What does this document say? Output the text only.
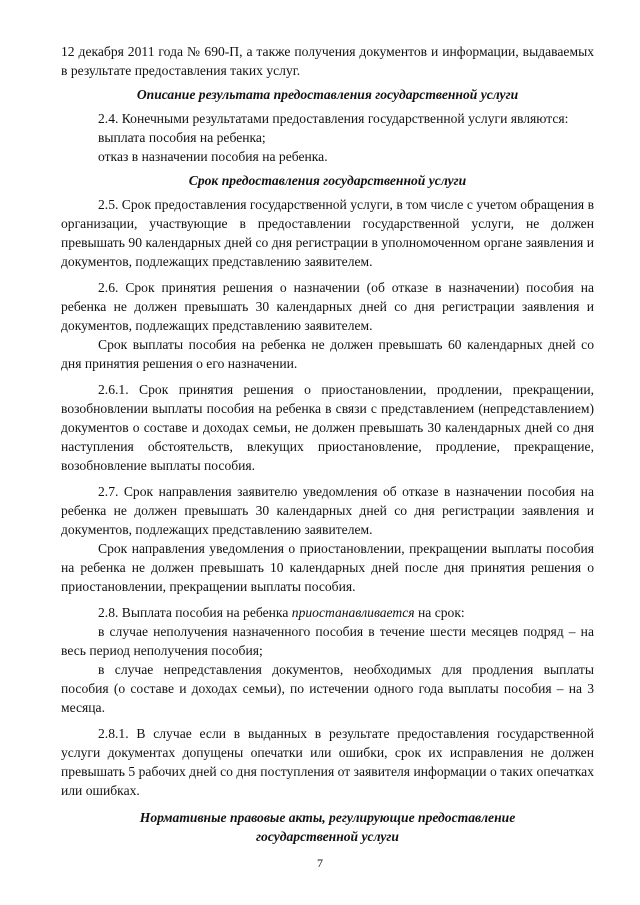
12 декабря 2011 года № 690-П, а также получения документов и информации, выдаваемых в результате предоставления таких услуг.

Описание результата предоставления государственной услуги

2.4. Конечными результатами предоставления государственной услуги являются:

выплата пособия на ребенка;

отказ в назначении пособия на ребенка.

Срок предоставления государственной услуги

2.5. Срок предоставления государственной услуги, в том числе с учетом обращения в организации, участвующие в предоставлении государственной услуги, не должен превышать 90 календарных дней со дня регистрации в уполномоченном органе заявления и документов, подлежащих представлению заявителем.

2.6. Срок принятия решения о назначении (об отказе в назначении) пособия на ребенка не должен превышать 30 календарных дней со дня регистрации заявления и документов, подлежащих представлению заявителем.

Срок выплаты пособия на ребенка не должен превышать 60 календарных дней со дня принятия решения о его назначении.

2.6.1. Срок принятия решения о приостановлении, продлении, прекращении, возобновлении выплаты пособия на ребенка в связи с представлением (непредставлением) документов о составе и доходах семьи, не должен превышать 30 календарных дней со дня наступления обстоятельств, влекущих приостановление, продление, прекращение, возобновление выплаты пособия.

2.7. Срок направления заявителю уведомления об отказе в назначении пособия на ребенка не должен превышать 30 календарных дней со дня регистрации заявления и документов, подлежащих представлению заявителем.

Срок направления уведомления о приостановлении, прекращении выплаты пособия на ребенка не должен превышать 10 календарных дней после дня принятия решения о приостановлении, прекращении выплаты пособия.

2.8. Выплата пособия на ребенка приостанавливается на срок:

в случае неполучения назначенного пособия в течение шести месяцев подряд – на весь период неполучения пособия;

в случае непредставления документов, необходимых для продления выплаты пособия (о составе и доходах семьи), по истечении одного года выплаты пособия – на 3 месяца.

2.8.1. В случае если в выданных в результате предоставления государственной услуги документах допущены опечатки или ошибки, срок их исправления не должен превышать 5 рабочих дней со дня поступления от заявителя информации о таких опечатках или ошибках.

Нормативные правовые акты, регулирующие предоставление
государственной услуги

7
